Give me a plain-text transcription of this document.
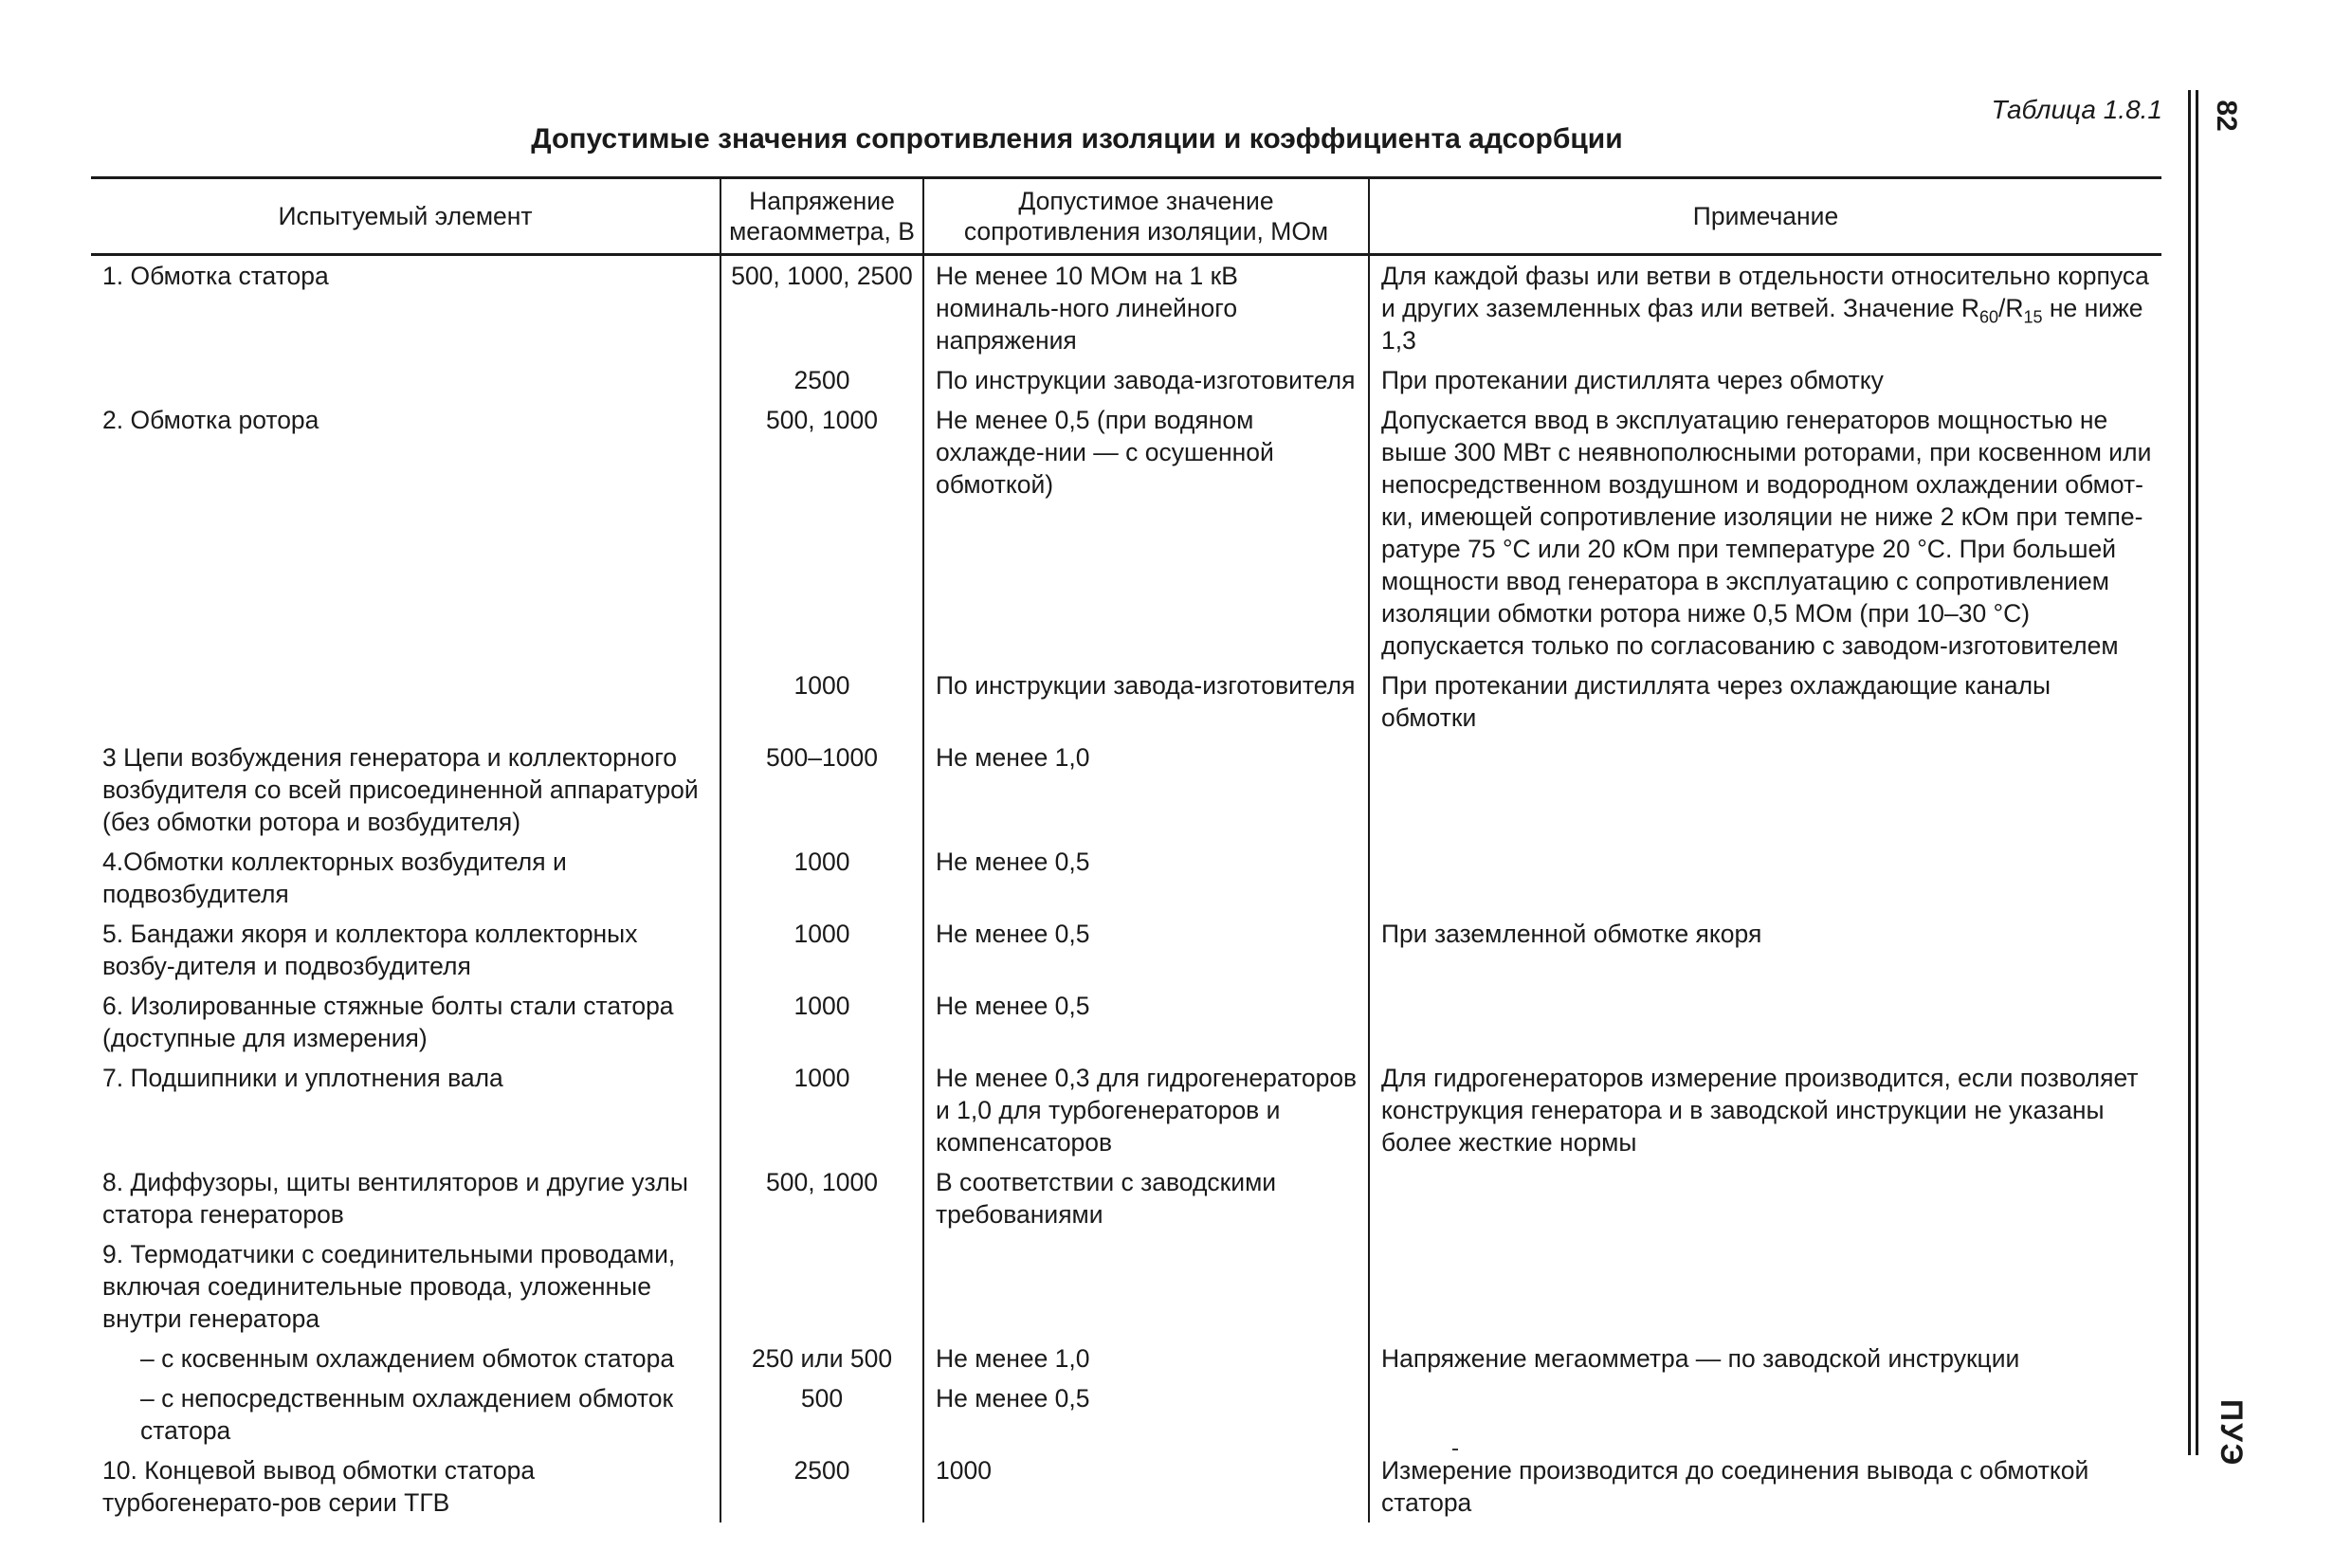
Таблица 1.8.1
Допустимые значения сопротивления изоляции и коэффициента адсорбции
82
ПУЭ
Испытуемый элемент	Напряжение мегаомметра, В	Допустимое значение сопротивления изоляции, МОм	Примечание
1. Обмотка статора	500, 1000, 2500	Не менее 10 МОм на 1 кВ номиналь-ного линейного напряжения	Для каждой фазы или ветви в отдельности относительно корпуса и других заземленных фаз или ветвей. Значение $R_{60}/R_{15}$ не ниже 1,3
	2500	По инструкции завода-изготовителя	При протекании дистиллята через обмотку
2. Обмотка ротора	500, 1000	Не менее 0,5 (при водяном охлажде-нии — с осушенной обмоткой)	Допускается ввод в эксплуатацию генераторов мощностью не выше 300 МВт с неявнополюсными роторами, при косвенном или непосредственном воздушном и водородном охлаждении обмот-ки, имеющей сопротивление изоляции не ниже 2 кОм при темпе-ратуре 75 °С или 20 кОм при температуре 20 °С. При большей мощности ввод генератора в эксплуатацию с сопротивлением изоляции обмотки ротора ниже 0,5 МОм (при 10–30 °С) допускается только по согласованию с заводом-изготовителем
	1000	По инструкции завода-изготовителя	При протекании дистиллята через охлаждающие каналы обмотки
3 Цепи возбуждения генератора и коллекторного возбудителя со всей присоединенной аппаратурой (без обмотки ротора и возбудителя)	500–1000	Не менее 1,0	
4.Обмотки коллекторных возбудителя и подвозбудителя	1000	Не менее 0,5	
5. Бандажи якоря и коллектора коллекторных возбу-дителя и подвозбудителя	1000	Не менее 0,5	При заземленной обмотке якоря
6. Изолированные стяжные болты стали статора (доступные для измерения)	1000	Не менее 0,5	
7. Подшипники и уплотнения вала	1000	Не менее 0,3 для гидрогенераторов и 1,0 для турбогенераторов и компенсаторов	Для гидрогенераторов измерение производится, если позволяет конструкция генератора и в заводской инструкции не указаны более жесткие нормы
8. Диффузоры, щиты вентиляторов и другие узлы статора генераторов	500, 1000	В соответствии с заводскими требованиями	
9. Термодатчики с соединительными проводами, включая соединительные провода, уложенные внутри генератора			
– с косвенным охлаждением обмоток статора	250 или 500	Не менее 1,0	Напряжение мегаомметра — по заводской инструкции
– с непосредственным охлаждением обмоток статора	500	Не менее 0,5	
10. Концевой вывод обмотки статора турбогенерато-ров серии ТГВ	2500	1000	Измерение производится до соединения вывода с обмоткой статора
